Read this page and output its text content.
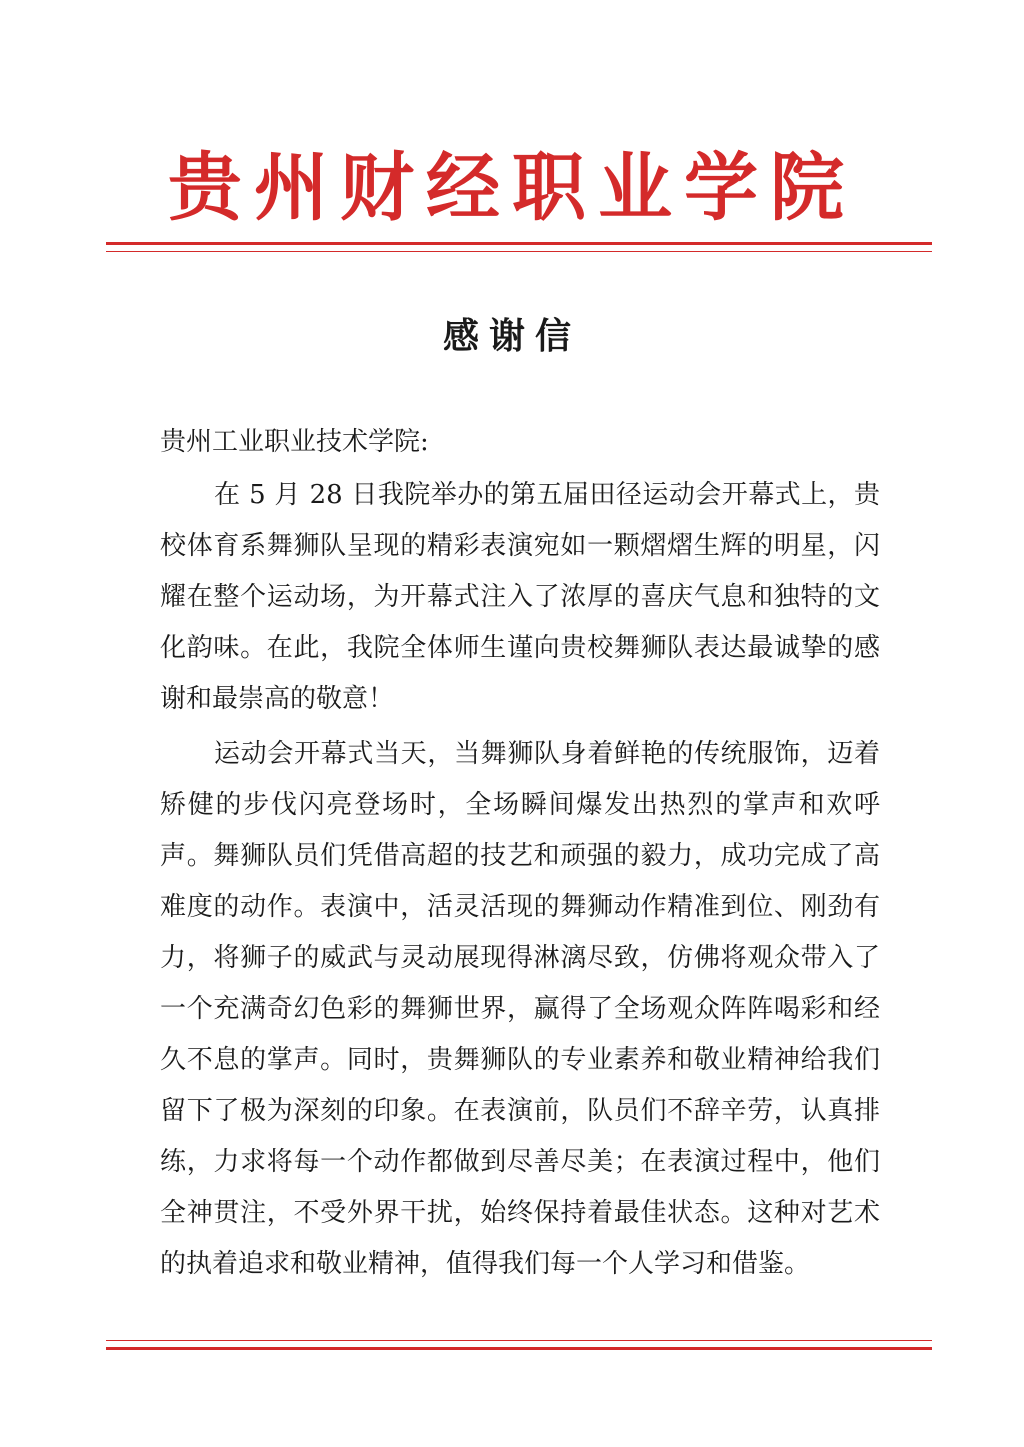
贵州财经职业学院
感谢信
贵州工业职业技术学院:

在 5 月 28 日我院举办的第五届田径运动会开幕式上，贵校体育系舞狮队呈现的精彩表演宛如一颗熠熠生辉的明星，闪耀在整个运动场，为开幕式注入了浓厚的喜庆气息和独特的文化韵味。在此，我院全体师生谨向贵校舞狮队表达最诚挚的感谢和最崇高的敬意！

运动会开幕式当天，当舞狮队身着鲜艳的传统服饰，迈着矫健的步伐闪亮登场时，全场瞬间爆发出热烈的掌声和欢呼声。舞狮队员们凭借高超的技艺和顽强的毅力，成功完成了高难度的动作。表演中，活灵活现的舞狮动作精准到位、刚劲有力，将狮子的威武与灵动展现得淋漓尽致，仿佛将观众带入了一个充满奇幻色彩的舞狮世界，赢得了全场观众阵阵喝彩和经久不息的掌声。同时，贵舞狮队的专业素养和敬业精神给我们留下了极为深刻的印象。在表演前，队员们不辞辛劳，认真排练，力求将每一个动作都做到尽善尽美；在表演过程中，他们全神贯注，不受外界干扰，始终保持着最佳状态。这种对艺术的执着追求和敬业精神，值得我们每一个人学习和借鉴。
